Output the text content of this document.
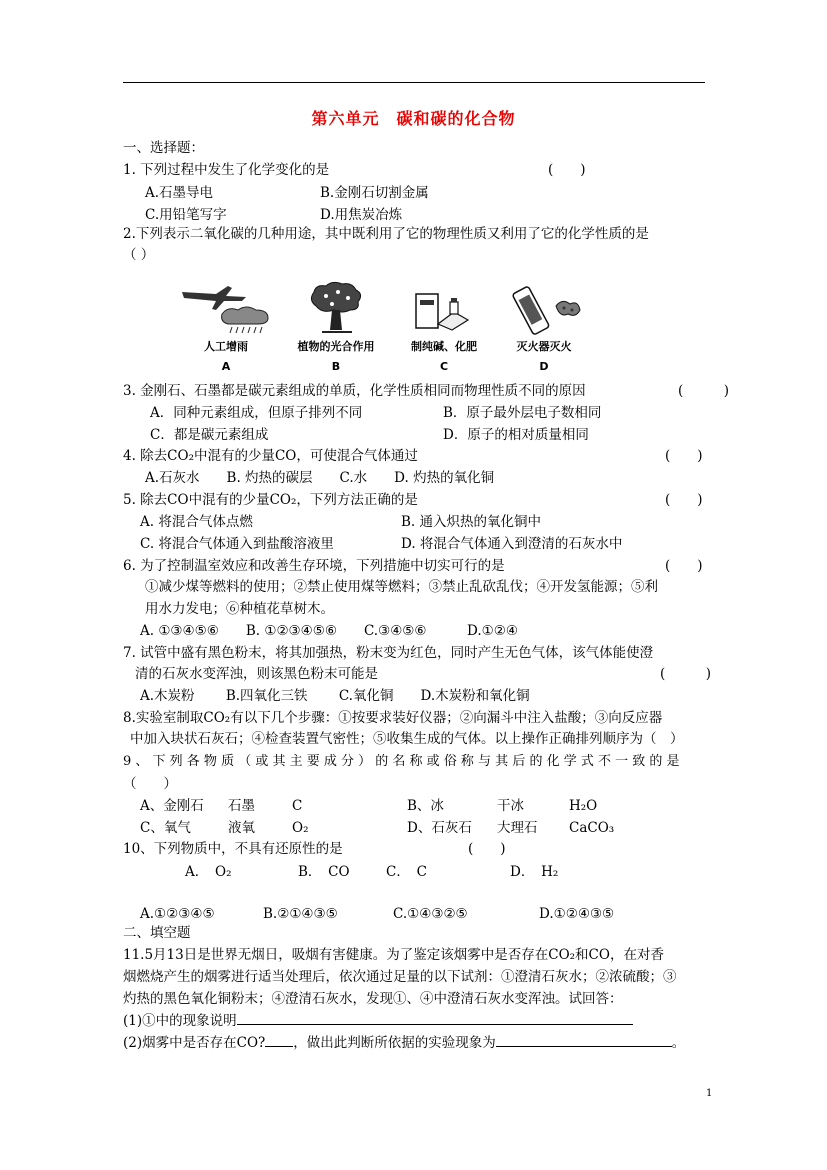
第六单元　碳和碳的化合物
一、选择题：
1. 下列过程中发生了化学变化的是	(　　)
A.石墨导电	B.金刚石切割金属
C.用铅笔写字	D.用焦炭冶炼
2.下列表示二氧化碳的几种用途，其中既利用了它的物理性质又利用了它的化学性质的是
（ ）
人工增雨
A
植物的光合作用
B
制纯碱、化肥
C
灭火器灭火
D
3. 金刚石、石墨都是碳元素组成的单质，化学性质相同而物理性质不同的原因	(　　　)
A．同种元素组成，但原子排列不同	B．原子最外层电子数相同
C．都是碳元素组成	D．原子的相对质量相同
4. 除去CO₂中混有的少量CO，可使混合气体通过	(　　)
A.石灰水　　B. 灼热的碳层　　C.水　　D. 灼热的氧化铜
5. 除去CO中混有的少量CO₂，下列方法正确的是	(　　)
A. 将混合气体点燃	B. 通入炽热的氧化铜中
C. 将混合气体通入到盐酸溶液里	D. 将混合气体通入到澄清的石灰水中
6. 为了控制温室效应和改善生存环境，下列措施中切实可行的是	(　　)
①减少煤等燃料的使用；②禁止使用煤等燃料；③禁止乱砍乱伐；④开发氢能源；⑤利
用水力发电；⑥种植花草树木。
A. ①③④⑤⑥　　B. ①②③④⑤⑥　　C.③④⑤⑥　　　D.①②④
7. 试管中盛有黑色粉末，将其加强热，粉末变为红色，同时产生无色气体，该气体能使澄
清的石灰水变浑浊，则该黑色粉末可能是	(　　　)
A.木炭粉　　 B.四氧化三铁　　 C.氧化铜　　D.木炭粉和氧化铜
8.实验室制取CO₂有以下几个步骤：①按要求装好仪器；②向漏斗中注入盐酸；③向反应器
中加入块状石灰石；④检查装置气密性；⑤收集生成的气体。以上操作正确排列顺序为（　）
9 、 下 列 各 物 质 （ 或 其 主 要 成 分 ） 的 名 称 或 俗 称 与 其 后 的 化 学 式 不 一 致 的 是
（　　）
A、金刚石 石墨	C	B、冰	干冰	H₂O
C、氧气	液氧	O₂	D、石灰石 大理石 CaCO₃
10、下列物质中，不具有还原性的是	(　　)
A．　O₂	B．　CO	C．　C	D．　H₂
A.①②③④⑤	B.②①④③⑤	C.①④③②⑤	D.①②④③⑤
二、填空题
11.5月13日是世界无烟日，吸烟有害健康。为了鉴定该烟雾中是否存在CO₂和CO，在对香
烟燃烧产生的烟雾进行适当处理后，依次通过足量的以下试剂：①澄清石灰水；②浓硫酸；③
灼热的黑色氧化铜粉末；④澄清石灰水，发现①、④中澄清石灰水变浑浊。试回答：
(1)①中的现象说明
(2)烟雾中是否存在CO? ，做出此判断所依据的实验现象为	。
1
